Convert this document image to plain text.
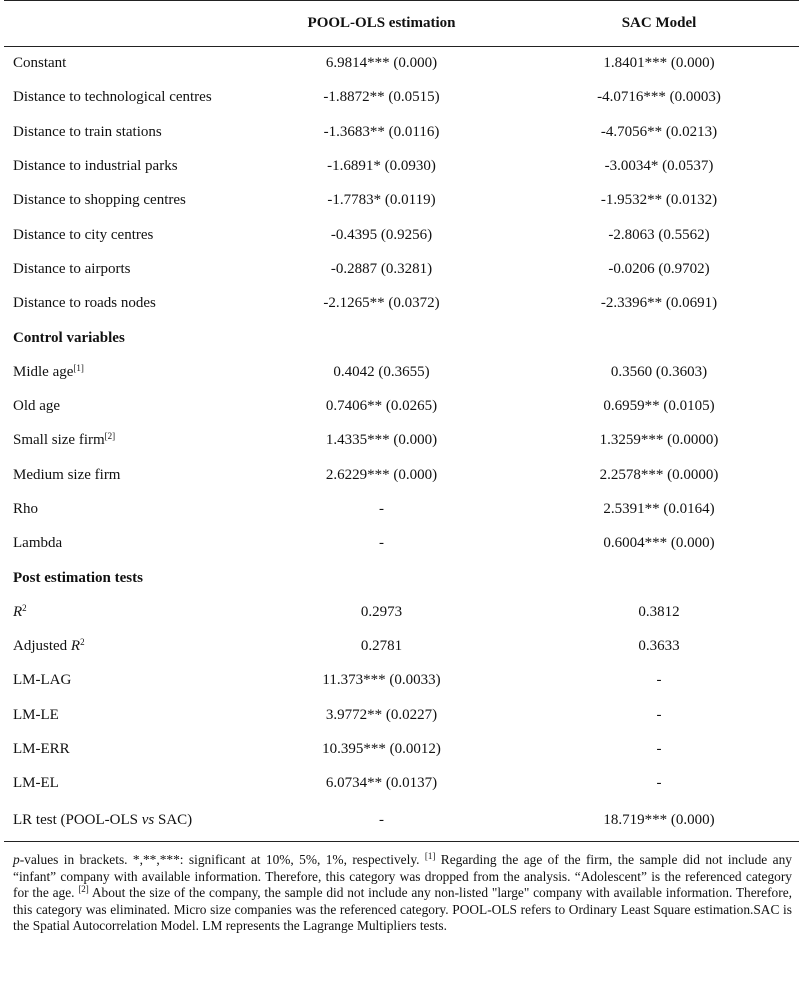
	POOL-OLS estimation	SAC Model
Constant	6.9814*** (0.000)	1.8401*** (0.000)
Distance to technological centres	-1.8872** (0.0515)	-4.0716*** (0.0003)
Distance to train stations	-1.3683** (0.0116)	-4.7056** (0.0213)
Distance to industrial parks	-1.6891* (0.0930)	-3.0034* (0.0537)
Distance to shopping centres	-1.7783* (0.0119)	-1.9532** (0.0132)
Distance to city centres	-0.4395 (0.9256)	-2.8063 (0.5562)
Distance to airports	-0.2887 (0.3281)	-0.0206 (0.9702)
Distance to roads nodes	-2.1265** (0.0372)	-2.3396** (0.0691)
Control variables		
Midle age[1]	0.4042 (0.3655)	0.3560 (0.3603)
Old age	0.7406** (0.0265)	0.6959** (0.0105)
Small size firm[2]	1.4335*** (0.000)	1.3259*** (0.0000)
Medium size firm	2.6229*** (0.000)	2.2578*** (0.0000)
Rho	-	2.5391** (0.0164)
Lambda	-	0.6004*** (0.000)
Post estimation tests		
$R^2$	0.2973	0.3812
Adjusted $R^2$	0.2781	0.3633
LM-LAG	11.373*** (0.0033)	-
LM-LE	3.9772** (0.0227)	-
LM-ERR	10.395*** (0.0012)	-
LM-EL	6.0734** (0.0137)	-
LR test (POOL-OLS vs SAC)	-	18.719*** (0.000)

p-values in brackets. *,**,***: significant at 10%, 5%, 1%, respectively. [1] Regarding the age of the firm, the sample did not include any “infant” company with available information. Therefore, this category was dropped from the analysis. “Adolescent” is the referenced category for the age. [2] About the size of the company, the sample did not include any non-listed "large" company with available information. Therefore, this category was eliminated. Micro size companies was the referenced category. POOL-OLS refers to Ordinary Least Square estimation.SAC is the Spatial Autocorrelation Model. LM represents the Lagrange Multipliers tests.
